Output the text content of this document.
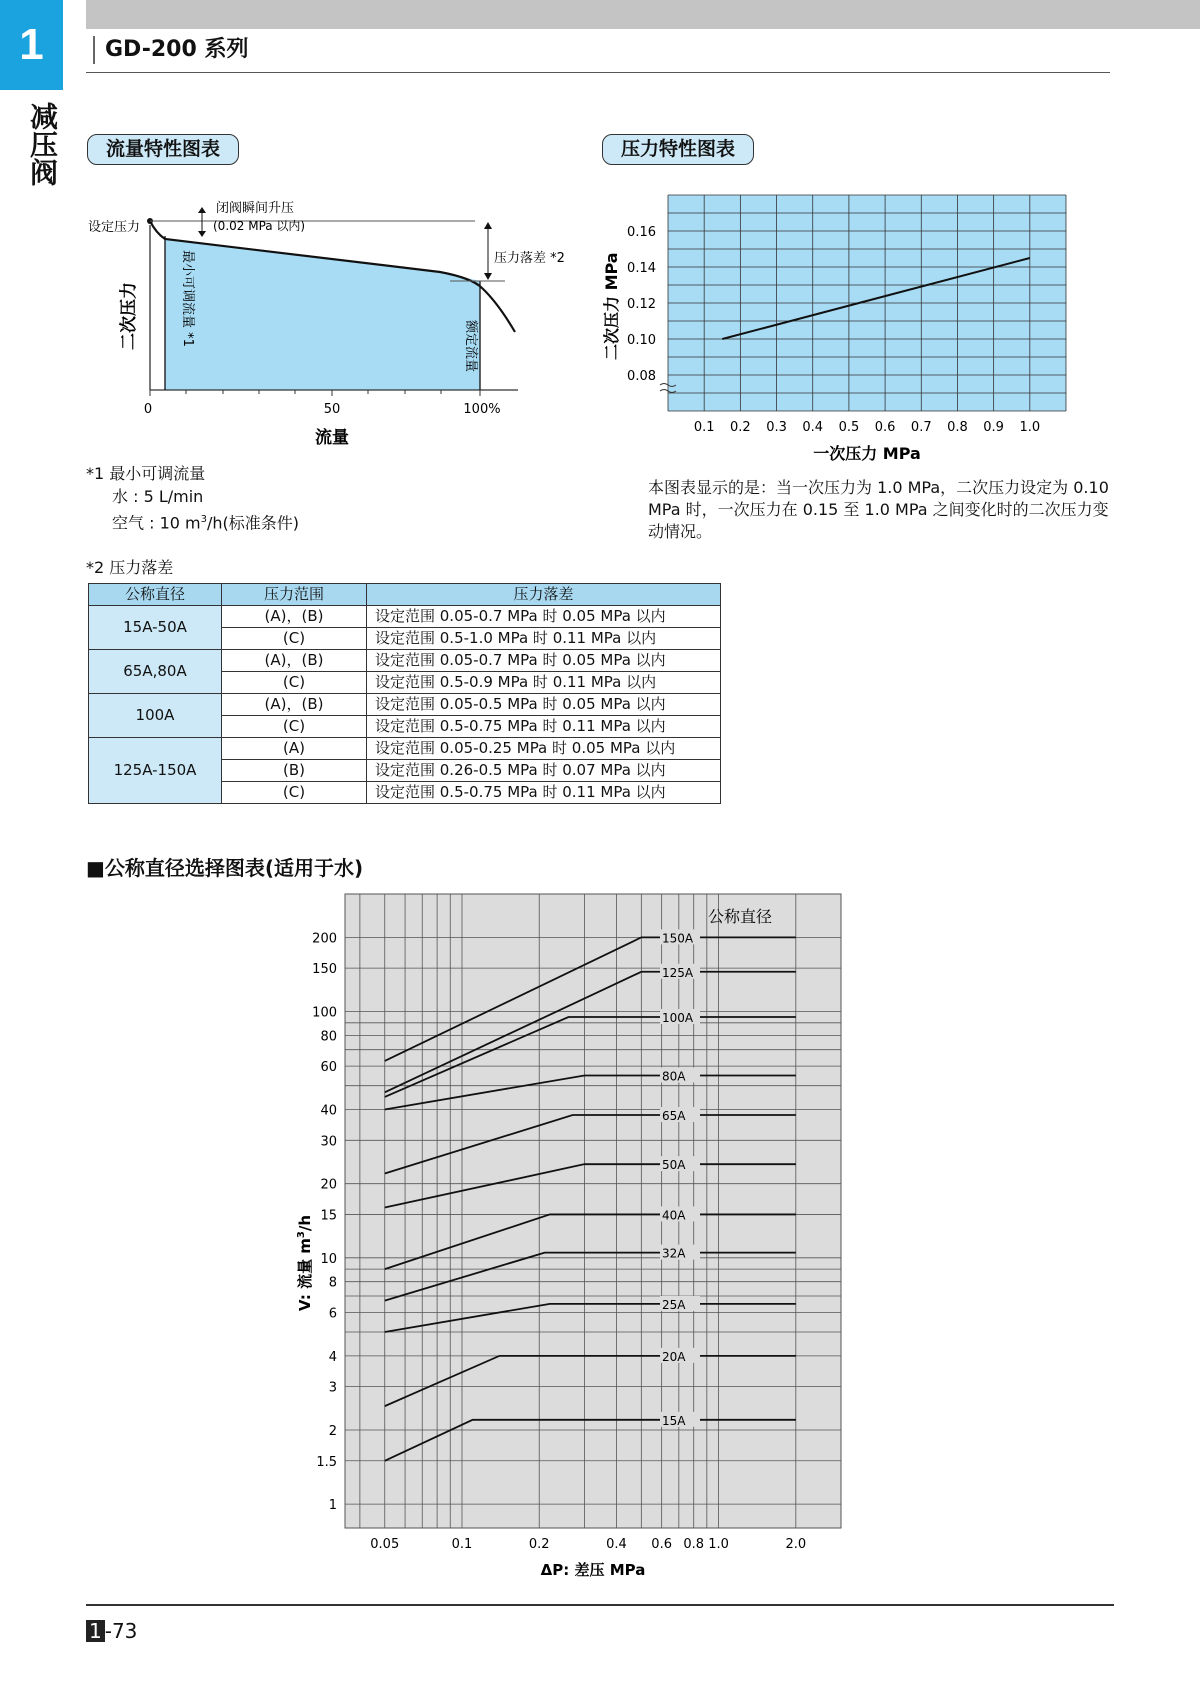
1	GD-200 系列
减压阀	流量特性图表
设定压力
闭阀瞬间升压
(0.02 MPa 以内)
压力落差 *2
最小可调流量 *1	额定流量
二次压力
0	50	100%
流量
*1 最小可调流量
水 : 5 L/min
空气 : 10 $m^3/h$(标准条件)
*2 压力落差
压力特性图表
0.1 0.2 0.3 0.4 0.5 0.6 0.7 0.8 0.9 1.0
0.08
0.10
0.12
0.14
0.16
二次压力 MPa
一次压力 MPa
本图表显示的是：当一次压力为 1.0 MPa，二次压力设定为 0.10 MPa 时，一次压力在 0.15 至 1.0 MPa 之间变化时的二次压力变动情况。
公称直径	压力范围	压力落差
15A-50A	(A)，(B)	设定范围 0.05-0.7 MPa 时 0.05 MPa 以内
	(C)	设定范围 0.5-1.0 MPa 时 0.11 MPa 以内
65A,80A	(A)，(B)	设定范围 0.05-0.7 MPa 时 0.05 MPa 以内
	(C)	设定范围 0.5-0.9 MPa 时 0.11 MPa 以内
100A	(A)，(B)	设定范围 0.05-0.5 MPa 时 0.05 MPa 以内
	(C)	设定范围 0.5-0.75 MPa 时 0.11 MPa 以内
125A-150A	(A)	设定范围 0.05-0.25 MPa 时 0.05 MPa 以内
	(B)	设定范围 0.26-0.5 MPa 时 0.07 MPa 以内
	(C)	设定范围 0.5-0.75 MPa 时 0.11 MPa 以内
■公称直径选择图表(适用于水)
0.05	0.1	0.2	0.4 0.6 0.8 1.0	2.0
1
1.5
2
3
4
6
8
10
15
20
30
40
60
80
100
150
200
15A
20A
25A
32A
40A
50A
65A
80A
100A
125A
150A
公称直径
V: 流量 $m^3/h$
ΔP: 差压 MPa
1 -73
